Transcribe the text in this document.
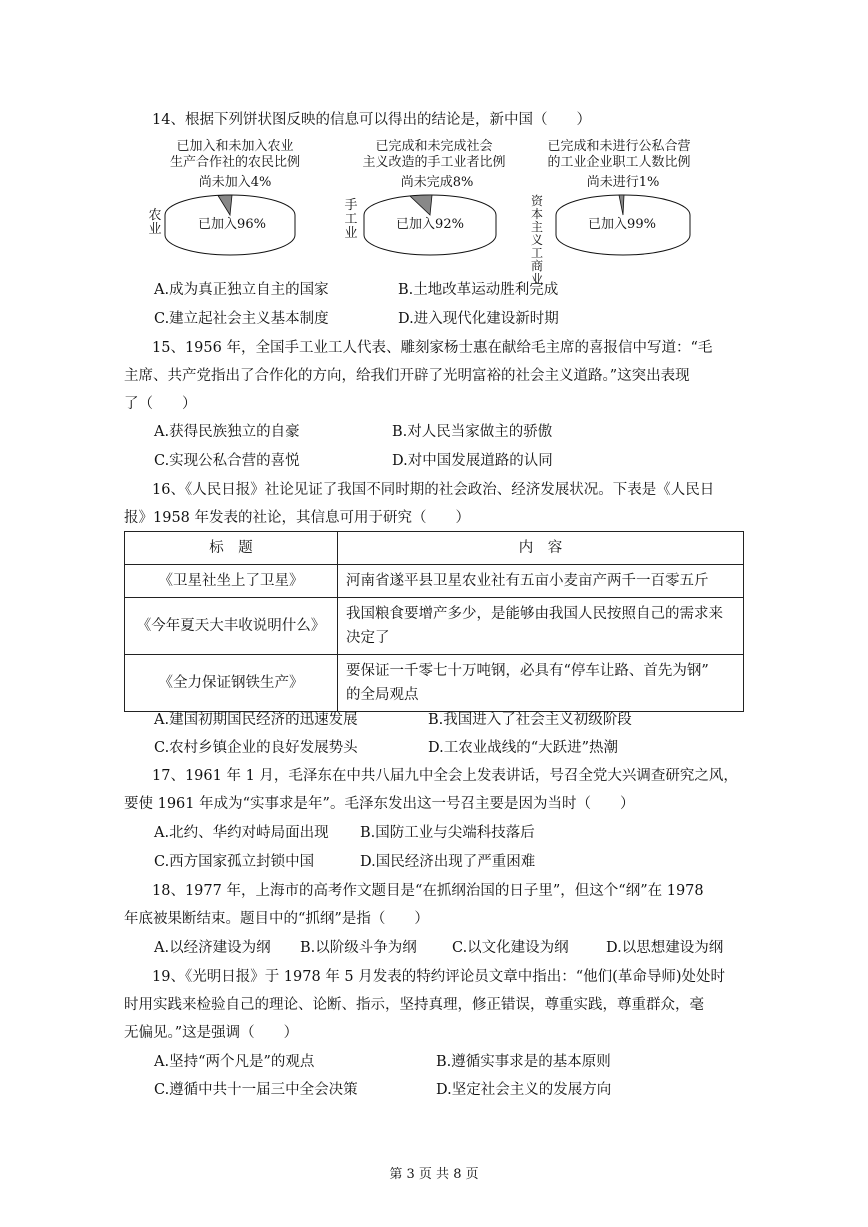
14、根据下列饼状图反映的信息可以得出的结论是，新中国（　　）
已加入和未加入农业
生产合作社的农民比例
尚未加入4%
农业	已加入96%
已完成和未完成社会
主义改造的手工业者比例
尚未完成8%
手工业
已加入92%
已完成和未进行公私合营
的工业企业职工人数比例
尚未进行1%
资本主义工商业
已加入99%
A.成为真正独立自主的国家	B.土地改革运动胜利完成
C.建立起社会主义基本制度	D.进入现代化建设新时期
15、1956 年，全国手工业工人代表、雕刻家杨士惠在献给毛主席的喜报信中写道：“毛
主席、共产党指出了合作化的方向，给我们开辟了光明富裕的社会主义道路。”这突出表现
了（　　）
A.获得民族独立的自豪	B.对人民当家做主的骄傲
C.实现公私合营的喜悦	D.对中国发展道路的认同
16、《人民日报》社论见证了我国不同时期的社会政治、经济发展状况。下表是《人民日
报》1958 年发表的社论，其信息可用于研究（　　）
标　题	内　容
《卫星社坐上了卫星》	河南省遂平县卫星农业社有五亩小麦亩产两千一百零五斤
《今年夏天大丰收说明什么》	我国粮食要增产多少，是能够由我国人民按照自己的需求来
决定了
《全力保证钢铁生产》	要保证一千零七十万吨钢，必具有“停车让路、首先为钢”
的全局观点
A.建国初期国民经济的迅速发展	B.我国进入了社会主义初级阶段
C.农村乡镇企业的良好发展势头	D.工农业战线的“大跃进”热潮
17、1961 年 1 月，毛泽东在中共八届九中全会上发表讲话，号召全党大兴调查研究之风，
要使 1961 年成为“实事求是年”。毛泽东发出这一号召主要是因为当时（　　）
A.北约、华约对峙局面出现 B.国防工业与尖端科技落后
C.西方国家孤立封锁中国	D.国民经济出现了严重困难
18、1977 年，上海市的高考作文题目是“在抓纲治国的日子里”，但这个“纲”在 1978
年底被果断结束。题目中的“抓纲”是指（　　）
A.以经济建设为纲 B.以阶级斗争为纲 C.以文化建设为纲	D.以思想建设为纲
19、《光明日报》于 1978 年 5 月发表的特约评论员文章中指出：“他们(革命导师)处处时
时用实践来检验自己的理论、论断、指示，坚持真理，修正错误，尊重实践，尊重群众，毫
无偏见。”这是强调（　　）
A.坚持“两个凡是”的观点	B.遵循实事求是的基本原则
C.遵循中共十一届三中全会决策	D.坚定社会主义的发展方向
第 3 页 共 8 页
